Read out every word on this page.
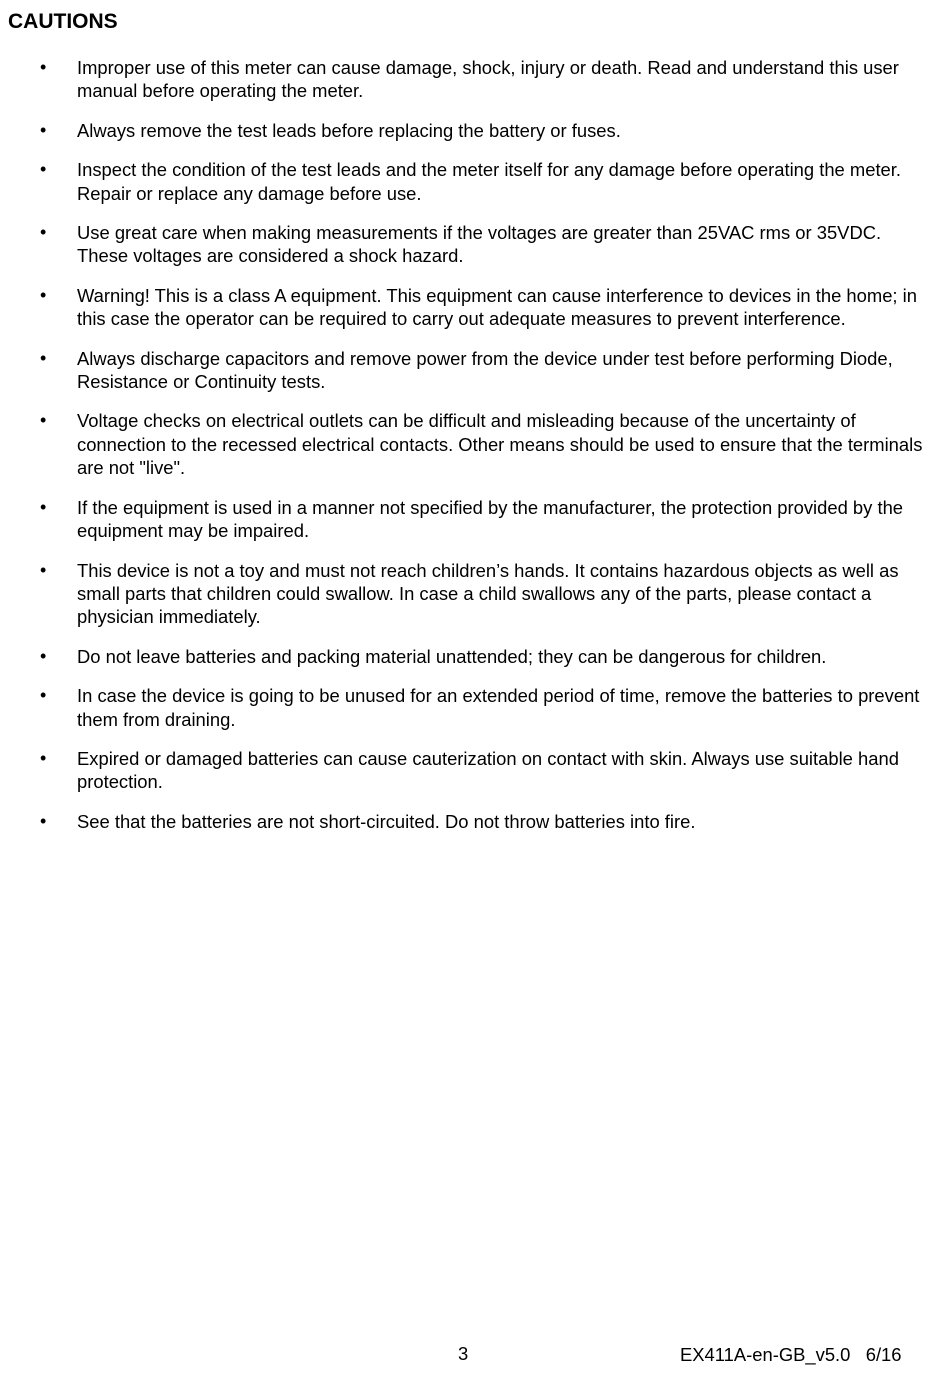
CAUTIONS
• Improper use of this meter can cause damage, shock, injury or death. Read and understand this user manual before operating the meter.
• Always remove the test leads before replacing the battery or fuses.
• Inspect the condition of the test leads and the meter itself for any damage before operating the meter. Repair or replace any damage before use.
• Use great care when making measurements if the voltages are greater than 25VAC rms or 35VDC. These voltages are considered a shock hazard.
• Warning! This is a class A equipment. This equipment can cause interference to devices in the home; in this case the operator can be required to carry out adequate measures to prevent interference.
• Always discharge capacitors and remove power from the device under test before performing Diode, Resistance or Continuity tests.
• Voltage checks on electrical outlets can be difficult and misleading because of the uncertainty of connection to the recessed electrical contacts. Other means should be used to ensure that the terminals are not "live".
• If the equipment is used in a manner not specified by the manufacturer, the protection provided by the equipment may be impaired.
• This device is not a toy and must not reach children’s hands. It contains hazardous objects as well as small parts that children could swallow. In case a child swallows any of the parts, please contact a physician immediately.
• Do not leave batteries and packing material unattended; they can be dangerous for children.
• In case the device is going to be unused for an extended period of time, remove the batteries to prevent them from draining.
• Expired or damaged batteries can cause cauterization on contact with skin. Always use suitable hand protection.
• See that the batteries are not short-circuited. Do not throw batteries into fire.
3	EX411A-en-GB_v5.0   6/16
